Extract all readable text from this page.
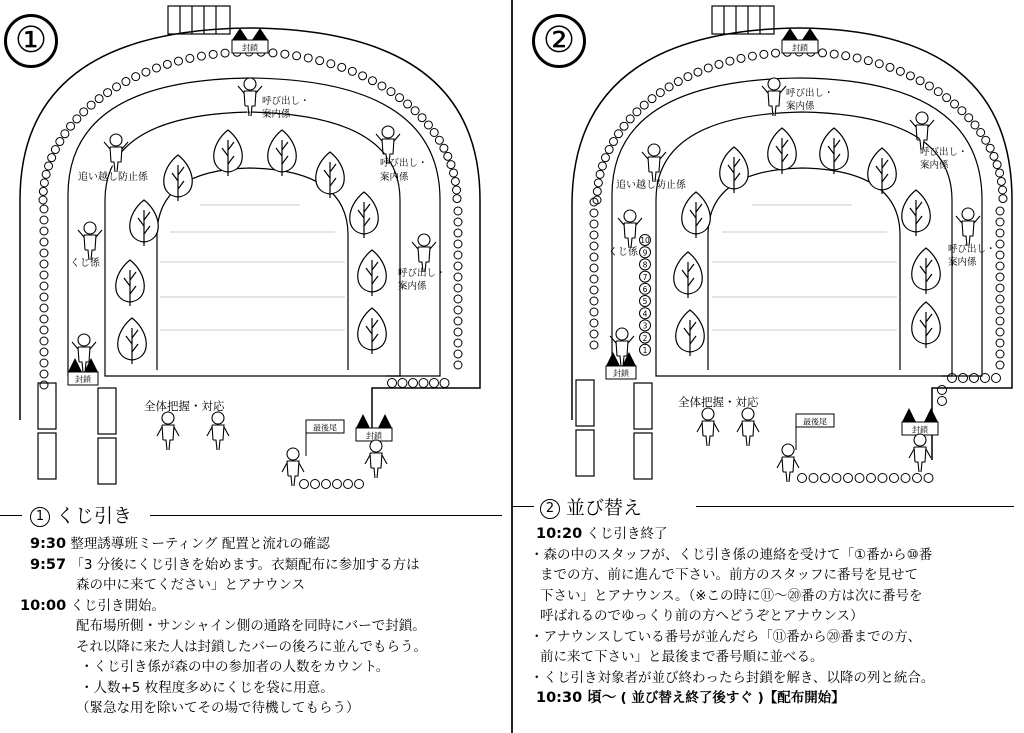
①	封鎖
封鎖
封鎖
最後尾
呼び出し・
案内係
呼び出し・
案内係
呼び出し・
案内係
追い越し防止係
くじ係
全体把握・対応
1 くじ引き
9:30 整理誘導班ミーティング 配置と流れの確認
9:57 「3 分後にくじ引きを始めます。衣類配布に参加する方は
森の中に来てください」とアナウンス
10:00 くじ引き開始。
配布場所側・サンシャイン側の通路を同時にバーで封鎖。
それ以降に来た人は封鎖したバーの後ろに並んでもらう。
・くじ引き係が森の中の参加者の人数をカウント。
・人数+5 枚程度多めにくじを袋に用意。
（緊急な用を除いてその場で待機してもらう）
②
10
9
8
7
6
5
4
3
2
1
封鎖
封鎖
封鎖
最後尾
呼び出し・
案内係
呼び出し・
案内係
呼び出し・
案内係
追い越し防止係
くじ係
全体把握・対応
2 並び替え
10:20 くじ引き終了
・森の中のスタッフが、くじ引き係の連絡を受けて「①番から⑩番
までの方、前に進んで下さい。前方のスタッフに番号を見せて
下さい」とアナウンス。（※この時に⑪〜⑳番の方は次に番号を
呼ばれるのでゆっくり前の方へどうぞとアナウンス）
・アナウンスしている番号が並んだら「⑪番から⑳番までの方、
前に来て下さい」と最後まで番号順に並べる。
・くじ引き対象者が並び終わったら封鎖を解き、以降の列と統合。
10:30 頃〜 ( 並び替え終了後すぐ )【配布開始】
